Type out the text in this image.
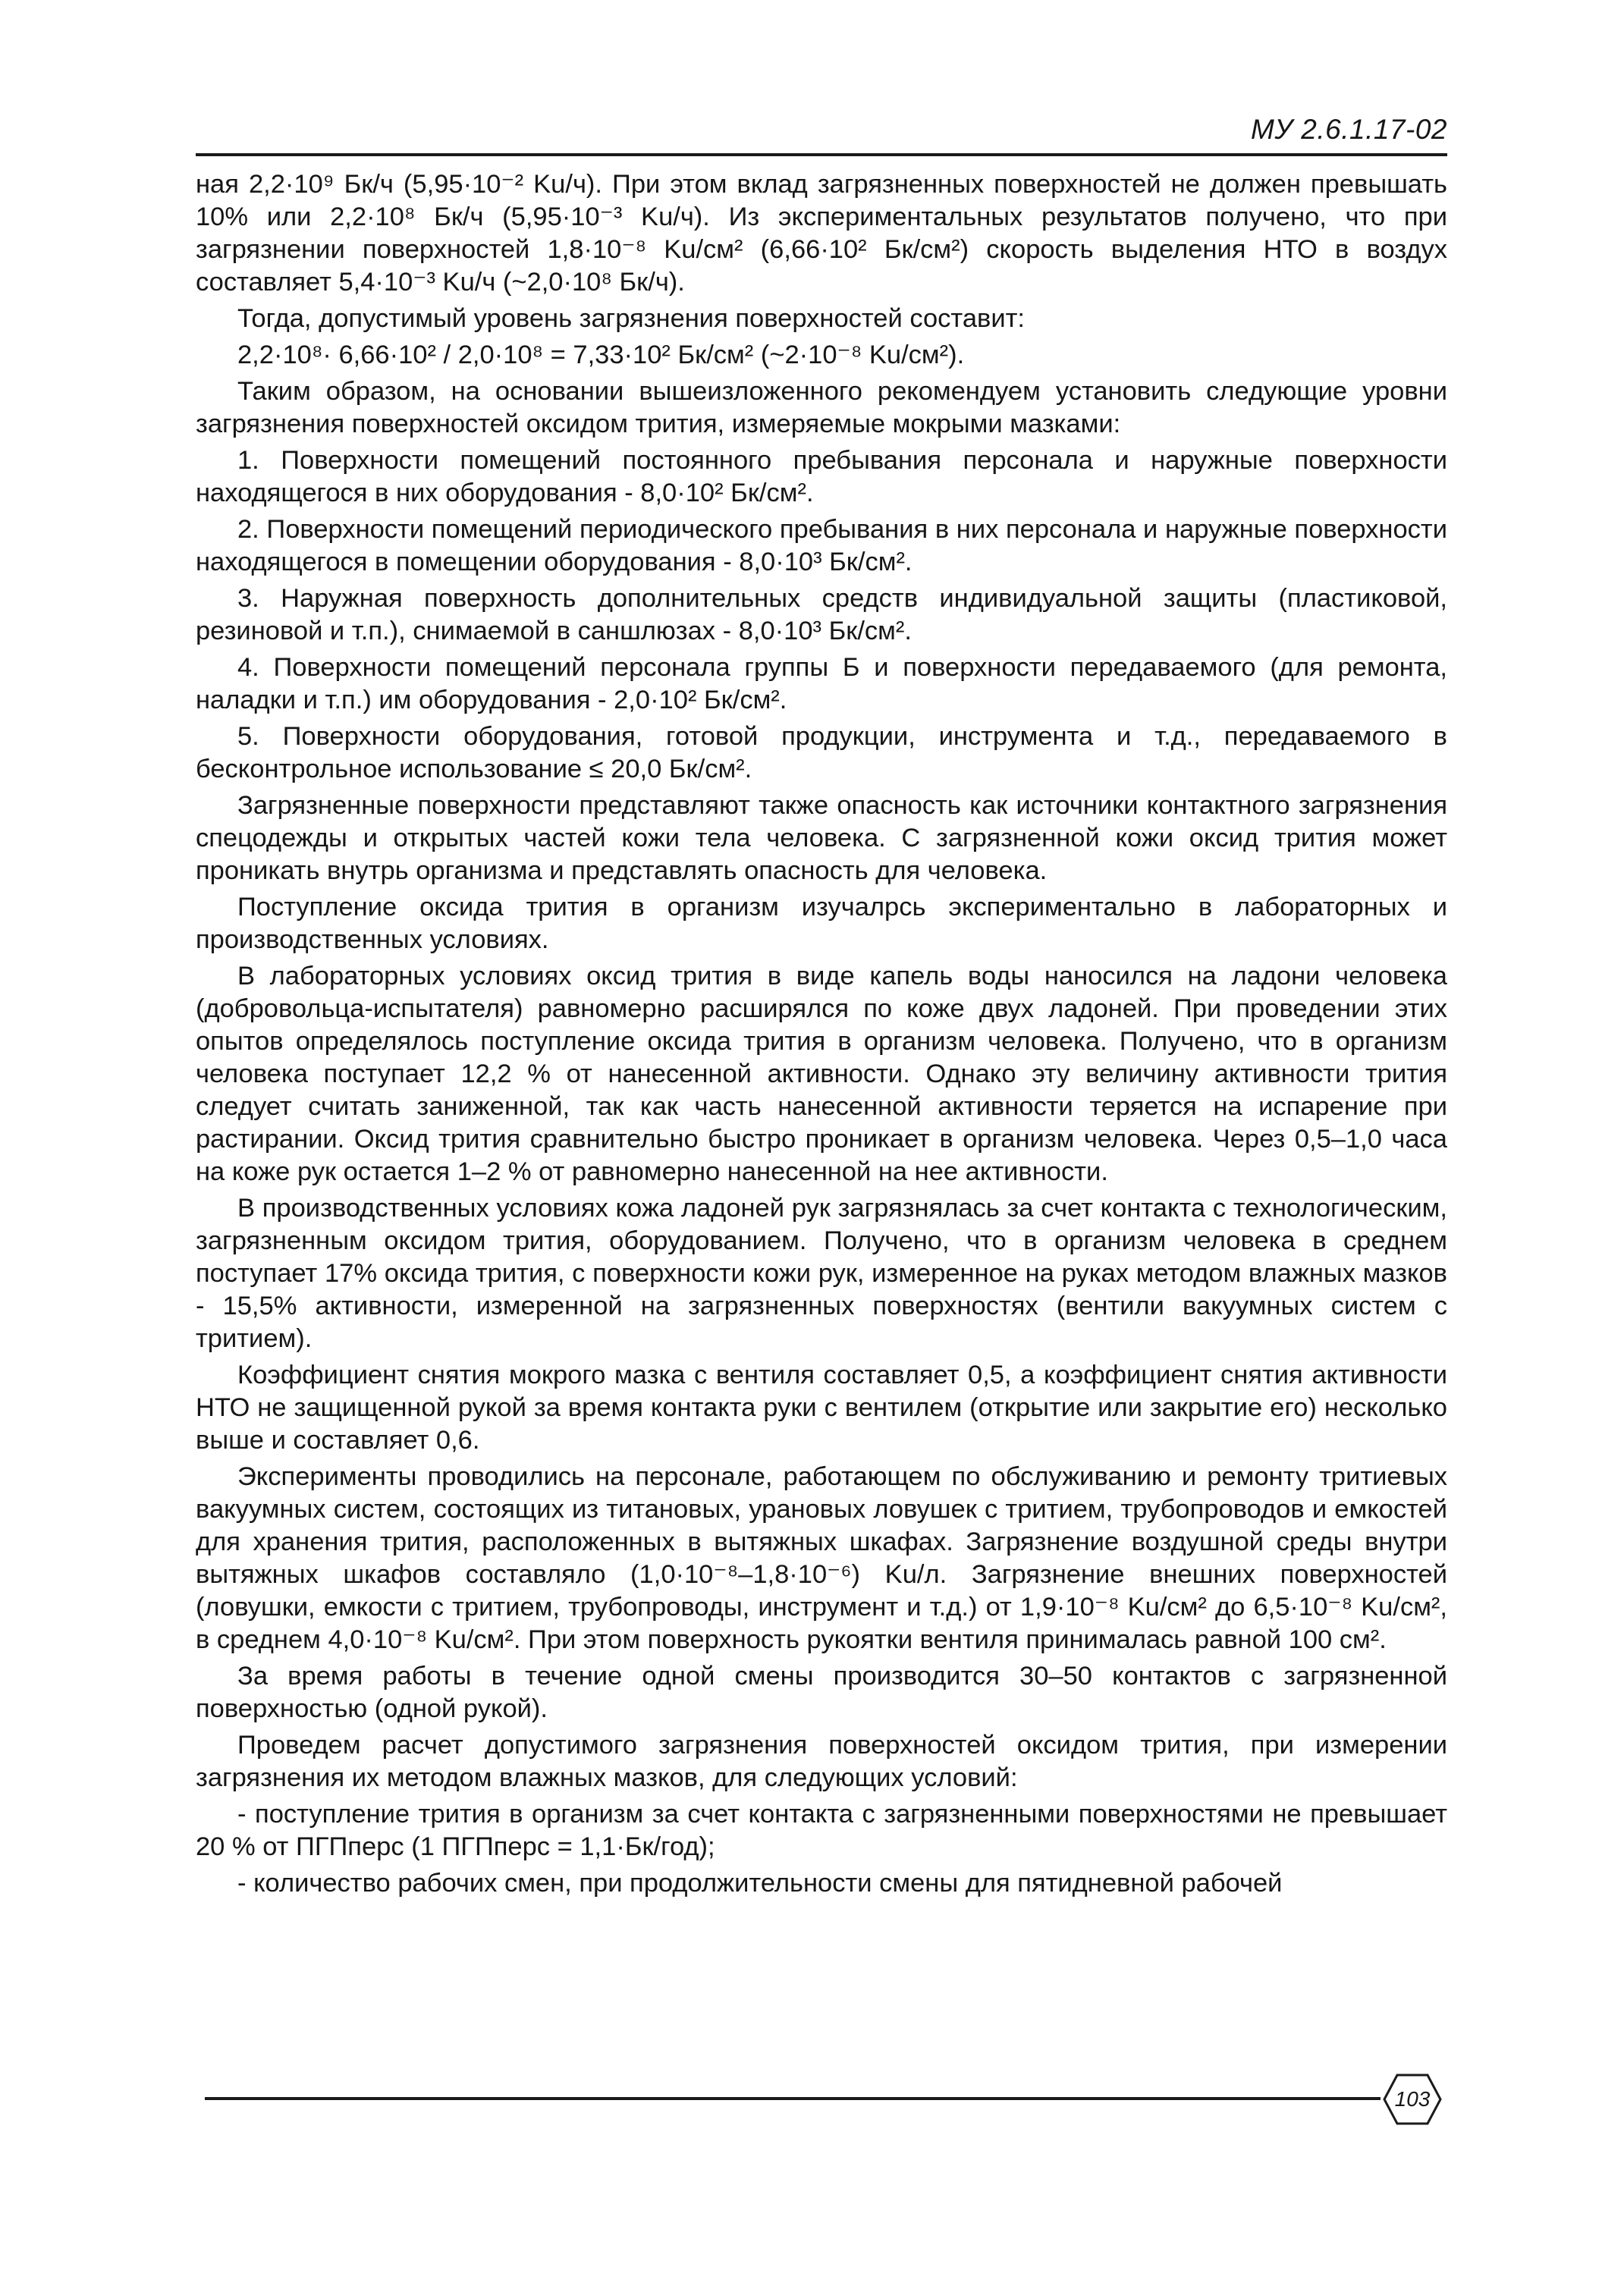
МУ 2.6.1.17-02

ная 2,2·10⁹ Бк/ч (5,95·10⁻² Ku/ч). При этом вклад загрязненных поверхностей не должен превышать 10% или 2,2·10⁸ Бк/ч (5,95·10⁻³ Ku/ч). Из экспериментальных результатов получено, что при загрязнении поверхностей 1,8·10⁻⁸ Ku/см² (6,66·10² Бк/см²) скорость выделения НТО в воздух составляет 5,4·10⁻³ Ku/ч (~2,0·10⁸ Бк/ч).

Тогда, допустимый уровень загрязнения поверхностей составит:

2,2·10⁸· 6,66·10² / 2,0·10⁸ = 7,33·10² Бк/см² (~2·10⁻⁸ Ku/см²).

Таким образом, на основании вышеизложенного рекомендуем установить следующие уровни загрязнения поверхностей оксидом трития, измеряемые мокрыми мазками:

1. Поверхности помещений постоянного пребывания персонала и наружные поверхности находящегося в них оборудования - 8,0·10² Бк/см².

2. Поверхности помещений периодического пребывания в них персонала и наружные поверхности находящегося в помещении оборудования - 8,0·10³ Бк/см².

3. Наружная поверхность дополнительных средств индивидуальной защиты (пластиковой, резиновой и т.п.), снимаемой в саншлюзах - 8,0·10³ Бк/см².

4. Поверхности помещений персонала группы Б и поверхности передаваемого (для ремонта, наладки и т.п.) им оборудования - 2,0·10² Бк/см².

5. Поверхности оборудования, готовой продукции, инструмента и т.д., передаваемого в бесконтрольное использование ≤ 20,0 Бк/см².

Загрязненные поверхности представляют также опасность как источники контактного загрязнения спецодежды и открытых частей кожи тела человека. С загрязненной кожи оксид трития может проникать внутрь организма и представлять опасность для человека.

Поступление оксида трития в организм изучалрсь экспериментально в лабораторных и производственных условиях.

В лабораторных условиях оксид трития в виде капель воды наносился на ладони человека (добровольца-испытателя) равномерно расширялся по коже двух ладоней. При проведении этих опытов определялось поступление оксида трития в организм человека. Получено, что в организм человека поступает 12,2 % от нанесенной активности. Однако эту величину активности трития следует считать заниженной, так как часть нанесенной активности теряется на испарение при растирании. Оксид трития сравнительно быстро проникает в организм человека. Через 0,5–1,0 часа на коже рук остается 1–2 % от равномерно нанесенной на нее активности.

В производственных условиях кожа ладоней рук загрязнялась за счет контакта с технологическим, загрязненным оксидом трития, оборудованием. Получено, что в организм человека в среднем поступает 17% оксида трития, с поверхности кожи рук, измеренное на руках методом влажных мазков - 15,5% активности, измеренной на загрязненных поверхностях (вентили вакуумных систем с тритием).

Коэффициент снятия мокрого мазка с вентиля составляет 0,5, а коэффициент снятия активности НТО не защищенной рукой за время контакта руки с вентилем (открытие или закрытие его) несколько выше и составляет 0,6.

Эксперименты проводились на персонале, работающем по обслуживанию и ремонту тритиевых вакуумных систем, состоящих из титановых, урановых ловушек с тритием, трубопроводов и емкостей для хранения трития, расположенных в вытяжных шкафах. Загрязнение воздушной среды внутри вытяжных шкафов составляло (1,0·10⁻⁸–1,8·10⁻⁶) Ku/л. Загрязнение внешних поверхностей (ловушки, емкости с тритием, трубопроводы, инструмент и т.д.) от 1,9·10⁻⁸ Ku/см² до 6,5·10⁻⁸ Ku/см², в среднем 4,0·10⁻⁸ Ku/см². При этом поверхность рукоятки вентиля принималась равной 100 см².

За время работы в течение одной смены производится 30–50 контактов с загрязненной поверхностью (одной рукой).

Проведем расчет допустимого загрязнения поверхностей оксидом трития, при измерении загрязнения их методом влажных мазков, для следующих условий:

- поступление трития в организм за счет контакта с загрязненными поверхностями не превышает 20 % от ПГПперс (1 ПГПперс = 1,1·Бк/год);

- количество рабочих смен, при продолжительности смены для пятидневной рабочей

103
